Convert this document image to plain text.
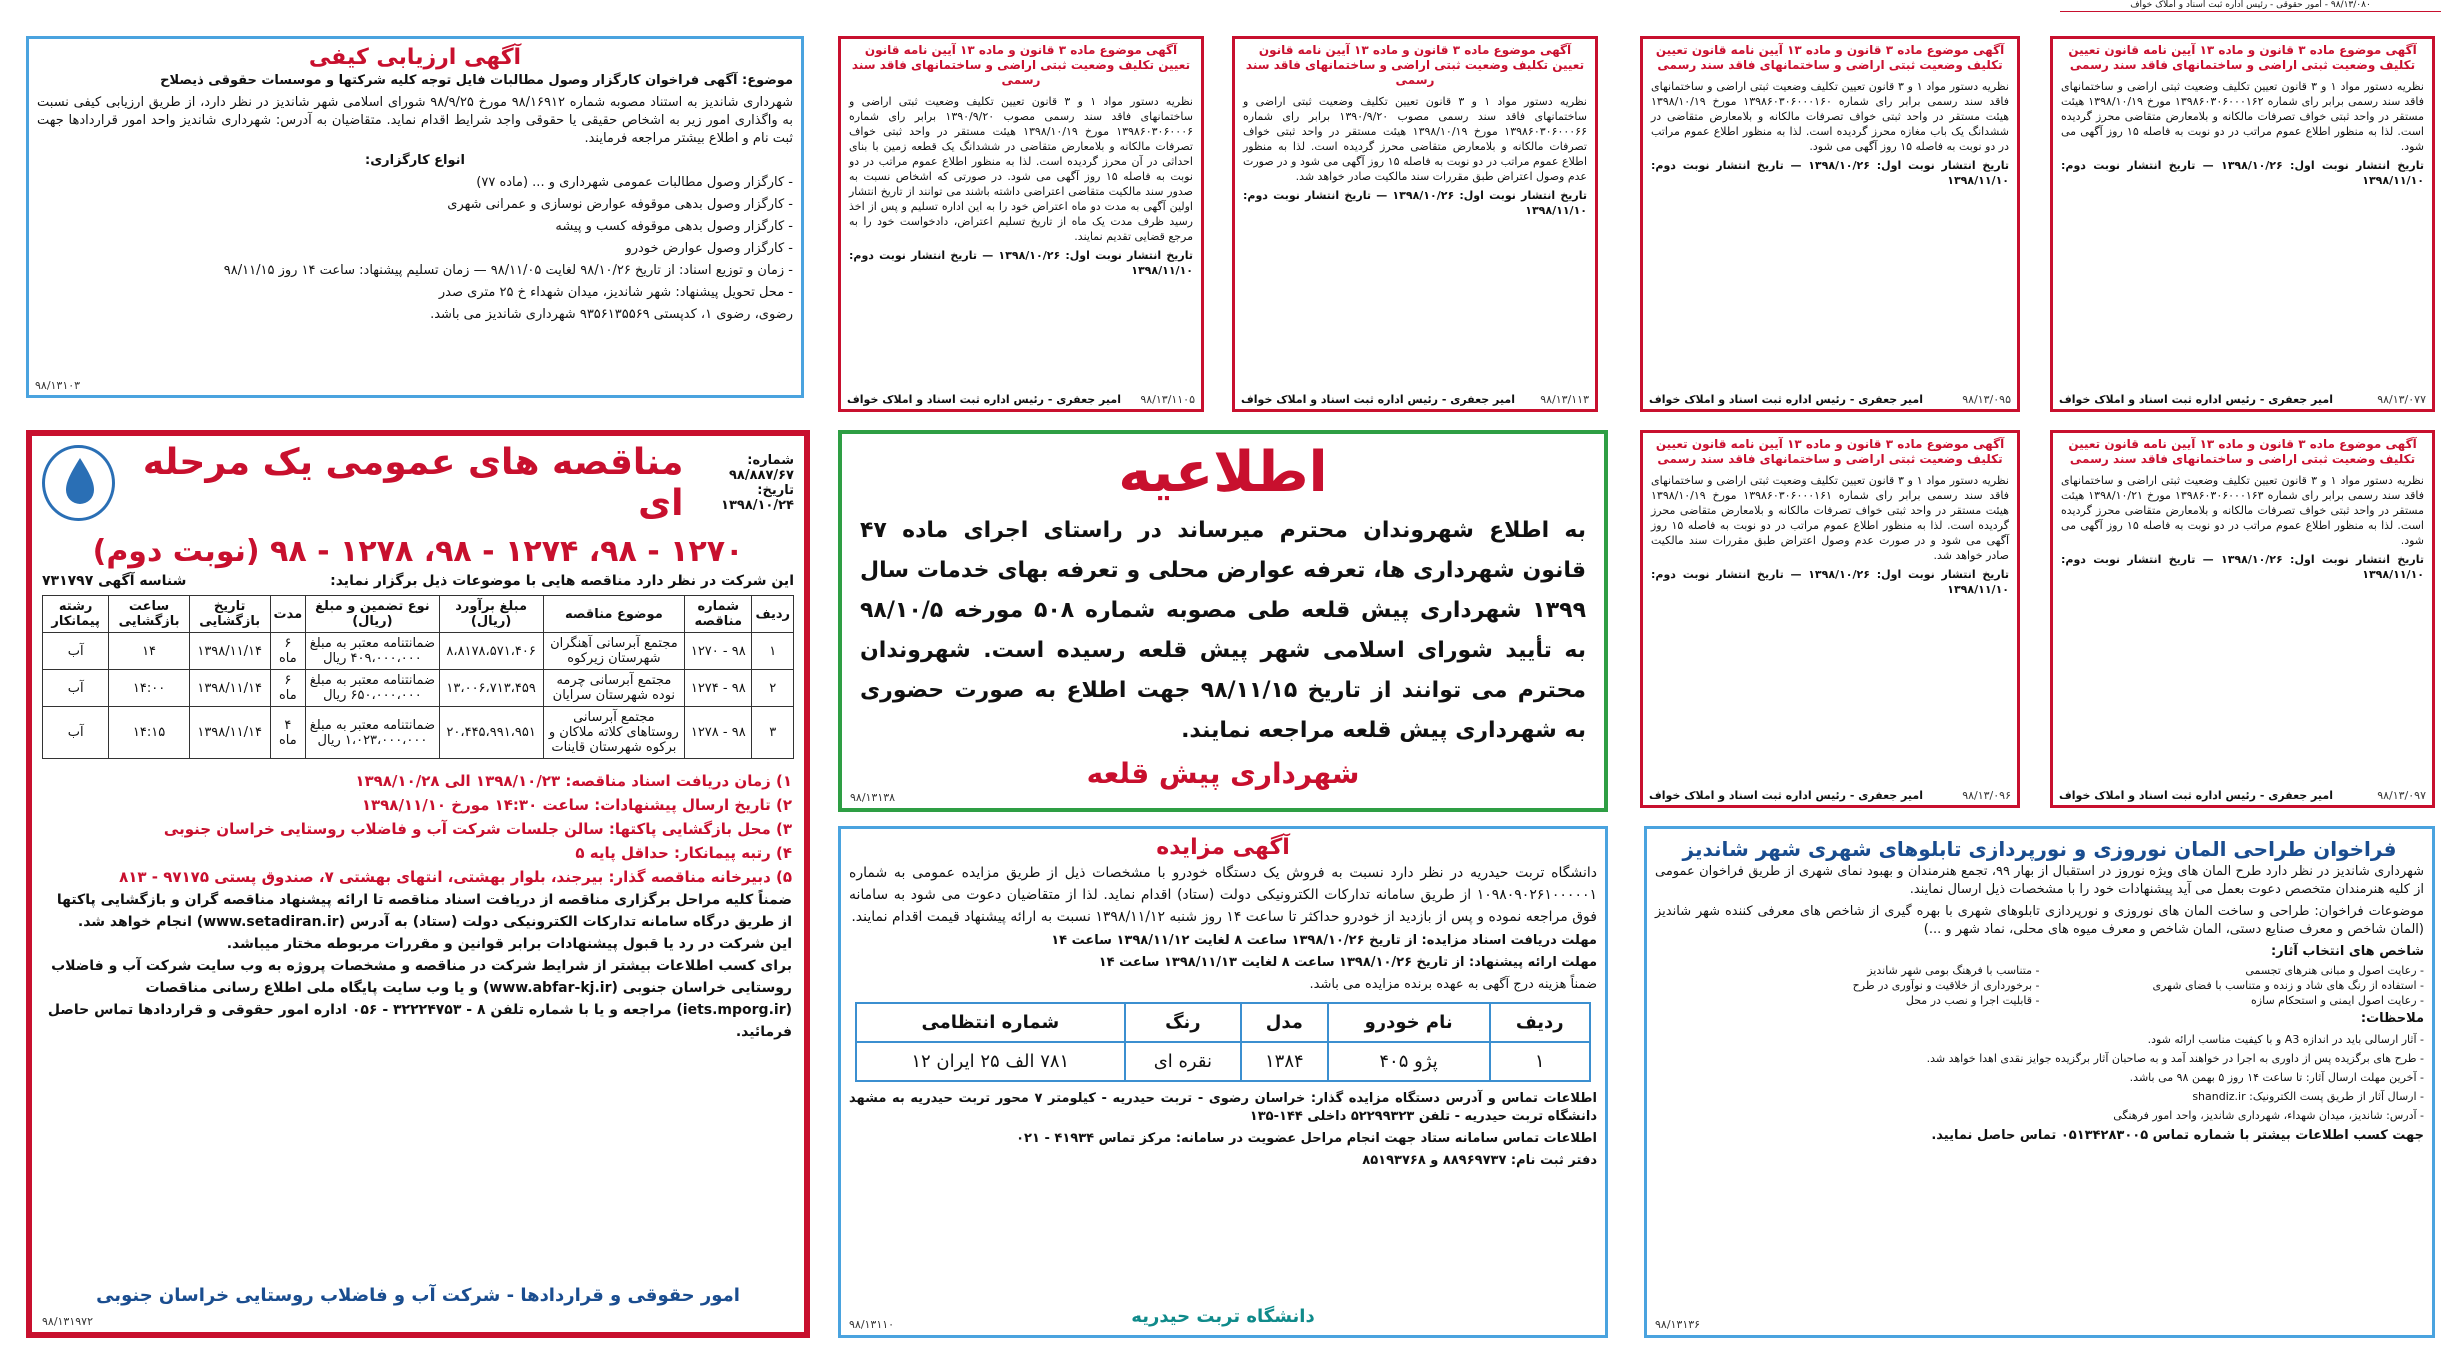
۹۸/۱۳/۰۸۰ - امور حقوقی - رئیس اداره ثبت اسناد و املاک خواف
آگهی ارزیابی کیفی
موضوع: آگهی فراخوان کارگزار وصول مطالبات فایل توجه کلیه شرکتها و موسسات حقوقی ذیصلاح
شهرداری شاندیز به استناد مصوبه شماره ۹۸/۱۶۹۱۲ مورخ ۹۸/۹/۲۵ شورای اسلامی شهر شاندیز در نظر دارد، از طریق ارزیابی کیفی نسبت به واگذاری امور زیر به اشخاص حقیقی یا حقوقی واجد شرایط اقدام نماید. متقاضیان به آدرس: شهرداری شاندیز واحد امور قراردادها جهت ثبت نام و اطلاع بیشتر مراجعه فرمایند.
انواع کارگزاری:
- کارگزار وصول مطالبات عمومی شهرداری و ... (ماده ۷۷)
- کارگزار وصول بدهی موقوفه عوارض نوسازی و عمرانی شهری
- کارگزار وصول بدهی موقوفه کسب و پیشه
- کارگزار وصول عوارض خودرو
- زمان و توزیع اسناد: از تاریخ ۹۸/۱۰/۲۶ لغایت ۹۸/۱۱/۰۵ — زمان تسلیم پیشنهاد: ساعت ۱۴ روز ۹۸/۱۱/۱۵
- محل تحویل پیشنهاد: شهر شاندیز، میدان شهداء خ ۲۵ متری صدر
رضوی، رضوی ۱، کدپستی ۹۳۵۶۱۳۵۵۶۹ شهرداری شاندیز می باشد.
۹۸/۱۳۱۰۳
آگهی موضوع ماده ۳ قانون و ماده ۱۳ آیین نامه قانون تعیین تکلیف وضعیت ثبتی اراضی و ساختمانهای فاقد سند رسمی
نظریه دستور مواد ۱ و ۳ قانون تعیین تکلیف وضعیت ثبتی اراضی و ساختمانهای فاقد سند رسمی مصوب ۱۳۹۰/۹/۲۰ برابر رای شماره ۱۳۹۸۶۰۳۰۶۰۰۰۶ مورخ ۱۳۹۸/۱۰/۱۹ هیئت مستقر در واحد ثبتی خواف تصرفات مالکانه و بلامعارض متقاضی در ششدانگ یک قطعه زمین با بنای احداثی در آن محرز گردیده است. لذا به منظور اطلاع عموم مراتب در دو نوبت به فاصله ۱۵ روز آگهی می شود. در صورتی که اشخاص نسبت به صدور سند مالکیت متقاضی اعتراضی داشته باشند می توانند از تاریخ انتشار اولین آگهی به مدت دو ماه اعتراض خود را به این اداره تسلیم و پس از اخذ رسید ظرف مدت یک ماه از تاریخ تسلیم اعتراض، دادخواست خود را به مرجع قضایی تقدیم نمایند.
تاریخ انتشار نوبت اول: ۱۳۹۸/۱۰/۲۶ — تاریخ انتشار نوبت دوم: ۱۳۹۸/۱۱/۱۰
۹۸/۱۳/۱۱۰۵
امیر جعفری - رئیس اداره ثبت اسناد و املاک خواف
آگهی موضوع ماده ۳ قانون و ماده ۱۳ آیین نامه قانون تعیین تکلیف وضعیت ثبتی اراضی و ساختمانهای فاقد سند رسمی
نظریه دستور مواد ۱ و ۳ قانون تعیین تکلیف وضعیت ثبتی اراضی و ساختمانهای فاقد سند رسمی مصوب ۱۳۹۰/۹/۲۰ برابر رای شماره ۱۳۹۸۶۰۳۰۶۰۰۰۶۶ مورخ ۱۳۹۸/۱۰/۱۹ هیئت مستقر در واحد ثبتی خواف تصرفات مالکانه و بلامعارض متقاضی محرز گردیده است. لذا به منظور اطلاع عموم مراتب در دو نوبت به فاصله ۱۵ روز آگهی می شود و در صورت عدم وصول اعتراض طبق مقررات سند مالکیت صادر خواهد شد.
تاریخ انتشار نوبت اول: ۱۳۹۸/۱۰/۲۶ — تاریخ انتشار نوبت دوم: ۱۳۹۸/۱۱/۱۰
۹۸/۱۳/۱۱۳
امیر جعفری - رئیس اداره ثبت اسناد و املاک خواف
آگهی موضوع ماده ۳ قانون و ماده ۱۳ آیین نامه قانون تعیین تکلیف وضعیت ثبتی اراضی و ساختمانهای فاقد سند رسمی
نظریه دستور مواد ۱ و ۳ قانون تعیین تکلیف وضعیت ثبتی اراضی و ساختمانهای فاقد سند رسمی برابر رای شماره ۱۳۹۸۶۰۳۰۶۰۰۰۱۶۰ مورخ ۱۳۹۸/۱۰/۱۹ هیئت مستقر در واحد ثبتی خواف تصرفات مالکانه و بلامعارض متقاضی در ششدانگ یک باب مغازه محرز گردیده است. لذا به منظور اطلاع عموم مراتب در دو نوبت به فاصله ۱۵ روز آگهی می شود.
تاریخ انتشار نوبت اول: ۱۳۹۸/۱۰/۲۶ — تاریخ انتشار نوبت دوم: ۱۳۹۸/۱۱/۱۰
۹۸/۱۳/۰۹۵
امیر جعفری - رئیس اداره ثبت اسناد و املاک خواف
آگهی موضوع ماده ۳ قانون و ماده ۱۳ آیین نامه قانون تعیین تکلیف وضعیت ثبتی اراضی و ساختمانهای فاقد سند رسمی
نظریه دستور مواد ۱ و ۳ قانون تعیین تکلیف وضعیت ثبتی اراضی و ساختمانهای فاقد سند رسمی برابر رای شماره ۱۳۹۸۶۰۳۰۶۰۰۰۱۶۲ مورخ ۱۳۹۸/۱۰/۱۹ هیئت مستقر در واحد ثبتی خواف تصرفات مالکانه و بلامعارض متقاضی محرز گردیده است. لذا به منظور اطلاع عموم مراتب در دو نوبت به فاصله ۱۵ روز آگهی می شود.
تاریخ انتشار نوبت اول: ۱۳۹۸/۱۰/۲۶ — تاریخ انتشار نوبت دوم: ۱۳۹۸/۱۱/۱۰
۹۸/۱۳/۰۷۷
امیر جعفری - رئیس اداره ثبت اسناد و املاک خواف
شماره: ۹۸/۸۸۷/۶۷
تاریخ: ۱۳۹۸/۱۰/۲۴
مناقصه های عمومی یک مرحله ای
۱۲۷۰ - ۹۸، ۱۲۷۴ - ۹۸، ۱۲۷۸ - ۹۸ (نوبت دوم)
این شرکت در نظر دارد مناقصه هایی با موضوعات ذیل برگزار نماید:
شناسه آگهی ۷۳۱۷۹۷
ردیف	شماره مناقصه	موضوع مناقصه	مبلغ برآورد (ریال)	نوع تضمین و مبلغ (ریال)	مدت	تاریخ بازگشایی	ساعت بازگشایی	رشته پیمانکار
۱	۹۸ - ۱۲۷۰	مجتمع آبرسانی آهنگران شهرستان زیرکوه	۸،۸۱۷۸،۵۷۱،۴۰۶	ضمانتنامه معتبر به مبلغ ۴۰۹،۰۰۰،۰۰۰ ریال	۶ ماه	۱۳۹۸/۱۱/۱۴	۱۴	آب
۲	۹۸ - ۱۲۷۴	مجتمع آبرسانی چرمه نوده شهرستان سرایان	۱۳،۰۰۶،۷۱۳،۴۵۹	ضمانتنامه معتبر به مبلغ ۶۵۰،۰۰۰،۰۰۰ ریال	۶ ماه	۱۳۹۸/۱۱/۱۴	۱۴:۰۰	آب
۳	۹۸ - ۱۲۷۸	مجتمع آبرسانی روستاهای کلاته ملاکان و برکوه شهرستان قاینات	۲۰،۴۴۵،۹۹۱،۹۵۱	ضمانتنامه معتبر به مبلغ ۱،۰۲۳،۰۰۰،۰۰۰ ریال	۴ ماه	۱۳۹۸/۱۱/۱۴	۱۴:۱۵	آب
۱) زمان دریافت اسناد مناقصه: ۱۳۹۸/۱۰/۲۳ الی ۱۳۹۸/۱۰/۲۸
۲) تاریخ ارسال پیشنهادات: ساعت ۱۴:۳۰ مورخ ۱۳۹۸/۱۱/۱۰
۳) محل بازگشایی پاکتها: سالن جلسات شرکت آب و فاضلاب روستایی خراسان جنوبی
۴) رتبه پیمانکار: حداقل پایه ۵
۵) دبیرخانه مناقصه گذار: بیرجند، بلوار بهشتی، انتهای بهشتی ۷، صندوق پستی ۹۷۱۷۵ - ۸۱۳
ضمناً کلیه مراحل برگزاری مناقصه از دریافت اسناد مناقصه تا ارائه پیشنهاد مناقصه گران و بازگشایی پاکتها از طریق درگاه سامانه تدارکات الکترونیکی دولت (ستاد) به آدرس (www.setadiran.ir) انجام خواهد شد.
این شرکت در رد یا قبول پیشنهادات برابر قوانین و مقررات مربوطه مختار میباشد.
برای کسب اطلاعات بیشتر از شرایط شرکت در مناقصه و مشخصات پروژه به وب سایت شرکت آب و فاضلاب روستایی خراسان جنوبی (www.abfar-kj.ir) و یا وب سایت پایگاه ملی اطلاع رسانی مناقصات (iets.mporg.ir) مراجعه و یا با شماره تلفن ۸ - ۳۲۲۲۴۷۵۳ - ۰۵۶ اداره امور حقوقی و قراردادها تماس حاصل فرمائید.
امور حقوقی و قراردادها - شرکت آب و فاضلاب روستایی خراسان جنوبی
۹۸/۱۳۱۹۷۲
اطلاعیه
به اطلاع شهروندان محترم میرساند در راستای اجرای ماده ۴۷ قانون شهرداری ها، تعرفه عوارض محلی و تعرفه بهای خدمات سال ۱۳۹۹ شهرداری پیش قلعه طی مصوبه شماره ۵۰۸ مورخه ۹۸/۱۰/۵ به تأیید شورای اسلامی شهر پیش قلعه رسیده است. شهروندان محترم می توانند از تاریخ ۹۸/۱۱/۱۵ جهت اطلاع به صورت حضوری به شهرداری پیش قلعه مراجعه نمایند.
شهرداری پیش قلعه
۹۸/۱۳۱۳۸
آگهی موضوع ماده ۳ قانون و ماده ۱۳ آیین نامه قانون تعیین تکلیف وضعیت ثبتی اراضی و ساختمانهای فاقد سند رسمی
نظریه دستور مواد ۱ و ۳ قانون تعیین تکلیف وضعیت ثبتی اراضی و ساختمانهای فاقد سند رسمی برابر رای شماره ۱۳۹۸۶۰۳۰۶۰۰۰۱۶۱ مورخ ۱۳۹۸/۱۰/۱۹ هیئت مستقر در واحد ثبتی خواف تصرفات مالکانه و بلامعارض متقاضی محرز گردیده است. لذا به منظور اطلاع عموم مراتب در دو نوبت به فاصله ۱۵ روز آگهی می شود و در صورت عدم وصول اعتراض طبق مقررات سند مالکیت صادر خواهد شد.
تاریخ انتشار نوبت اول: ۱۳۹۸/۱۰/۲۶ — تاریخ انتشار نوبت دوم: ۱۳۹۸/۱۱/۱۰
۹۸/۱۳/۰۹۶
امیر جعفری - رئیس اداره ثبت اسناد و املاک خواف
آگهی موضوع ماده ۳ قانون و ماده ۱۳ آیین نامه قانون تعیین تکلیف وضعیت ثبتی اراضی و ساختمانهای فاقد سند رسمی
نظریه دستور مواد ۱ و ۳ قانون تعیین تکلیف وضعیت ثبتی اراضی و ساختمانهای فاقد سند رسمی برابر رای شماره ۱۳۹۸۶۰۳۰۶۰۰۰۱۶۳ مورخ ۱۳۹۸/۱۰/۲۱ هیئت مستقر در واحد ثبتی خواف تصرفات مالکانه و بلامعارض متقاضی محرز گردیده است. لذا به منظور اطلاع عموم مراتب در دو نوبت به فاصله ۱۵ روز آگهی می شود.
تاریخ انتشار نوبت اول: ۱۳۹۸/۱۰/۲۶ — تاریخ انتشار نوبت دوم: ۱۳۹۸/۱۱/۱۰
۹۸/۱۳/۰۹۷
امیر جعفری - رئیس اداره ثبت اسناد و املاک خواف
آگهی مزایده
دانشگاه تربت حیدریه در نظر دارد نسبت به فروش یک دستگاه خودرو با مشخصات ذیل از طریق مزایده عمومی به شماره ۱۰۹۸۰۹۰۲۶۱۰۰۰۰۰۱ از طریق سامانه تدارکات الکترونیکی دولت (ستاد) اقدام نماید. لذا از متقاضیان دعوت می شود به سامانه فوق مراجعه نموده و پس از بازدید از خودرو حداکثر تا ساعت ۱۴ روز شنبه ۱۳۹۸/۱۱/۱۲ نسبت به ارائه پیشنهاد قیمت اقدام نمایند.
مهلت دریافت اسناد مزایده: از تاریخ ۱۳۹۸/۱۰/۲۶ ساعت ۸ لغایت ۱۳۹۸/۱۱/۱۲ ساعت ۱۴
مهلت ارائه پیشنهاد: از تاریخ ۱۳۹۸/۱۰/۲۶ ساعت ۸ لغایت ۱۳۹۸/۱۱/۱۳ ساعت ۱۴
ضمناً هزینه درج آگهی به عهده برنده مزایده می باشد.
ردیف	نام خودرو	مدل	رنگ	شماره انتظامی
۱	پژو ۴۰۵	۱۳۸۴	نقره ای	۷۸۱ الف ۲۵ ایران ۱۲
اطلاعات تماس و آدرس دستگاه مزایده گذار: خراسان رضوی - تربت حیدریه - کیلومتر ۷ محور تربت حیدریه به مشهد دانشگاه تربت حیدریه - تلفن ۵۲۲۹۹۳۲۳ داخلی ۱۴۴-۱۳۵
اطلاعات تماس سامانه ستاد جهت انجام مراحل عضویت در سامانه: مرکز تماس ۴۱۹۳۴ - ۰۲۱
دفتر ثبت نام: ۸۸۹۶۹۷۳۷ و ۸۵۱۹۳۷۶۸
دانشگاه تربت حیدریه
۹۸/۱۳۱۱۰
فراخوان طراحی المان نوروزی و نورپردازی تابلوهای شهری شهر شاندیز
شهرداری شاندیز در نظر دارد طرح المان های ویژه نوروز در استقبال از بهار ۹۹، تجمع هنرمندان و بهبود نمای شهری از طریق فراخوان عمومی از کلیه هنرمندان متخصص دعوت بعمل می آید پیشنهادات خود را با مشخصات ذیل ارسال نمایند.
موضوعات فراخوان: طراحی و ساخت المان های نوروزی و نورپردازی تابلوهای شهری با بهره گیری از شاخص های معرفی کننده شهر شاندیز (المان شاخص و معرف صنایع دستی، المان شاخص و معرف میوه های محلی، نماد شهر و ...)
شاخص های انتخاب آثار:
- رعایت اصول و مبانی هنرهای تجسمی
- متناسب با فرهنگ بومی شهر شاندیز
- استفاده از رنگ های شاد و زنده و متناسب با فضای شهری
- برخورداری از خلاقیت و نوآوری در طرح
- رعایت اصول ایمنی و استحکام سازه
- قابلیت اجرا و نصب در محل
ملاحظات:
- آثار ارسالی باید در اندازه A3 و با کیفیت مناسب ارائه شود.
- طرح های برگزیده پس از داوری به اجرا در خواهند آمد و به صاحبان آثار برگزیده جوایز نقدی اهدا خواهد شد.
- آخرین مهلت ارسال آثار: تا ساعت ۱۴ روز ۵ بهمن ۹۸ می باشد.
- ارسال آثار از طریق پست الکترونیک: shandiz.ir
- آدرس: شاندیز، میدان شهداء، شهرداری شاندیز، واحد امور فرهنگی
جهت کسب اطلاعات بیشتر با شماره تماس ۰۵۱۳۴۲۸۳۰۰۵ تماس حاصل نمایید.
۹۸/۱۳۱۳۶
